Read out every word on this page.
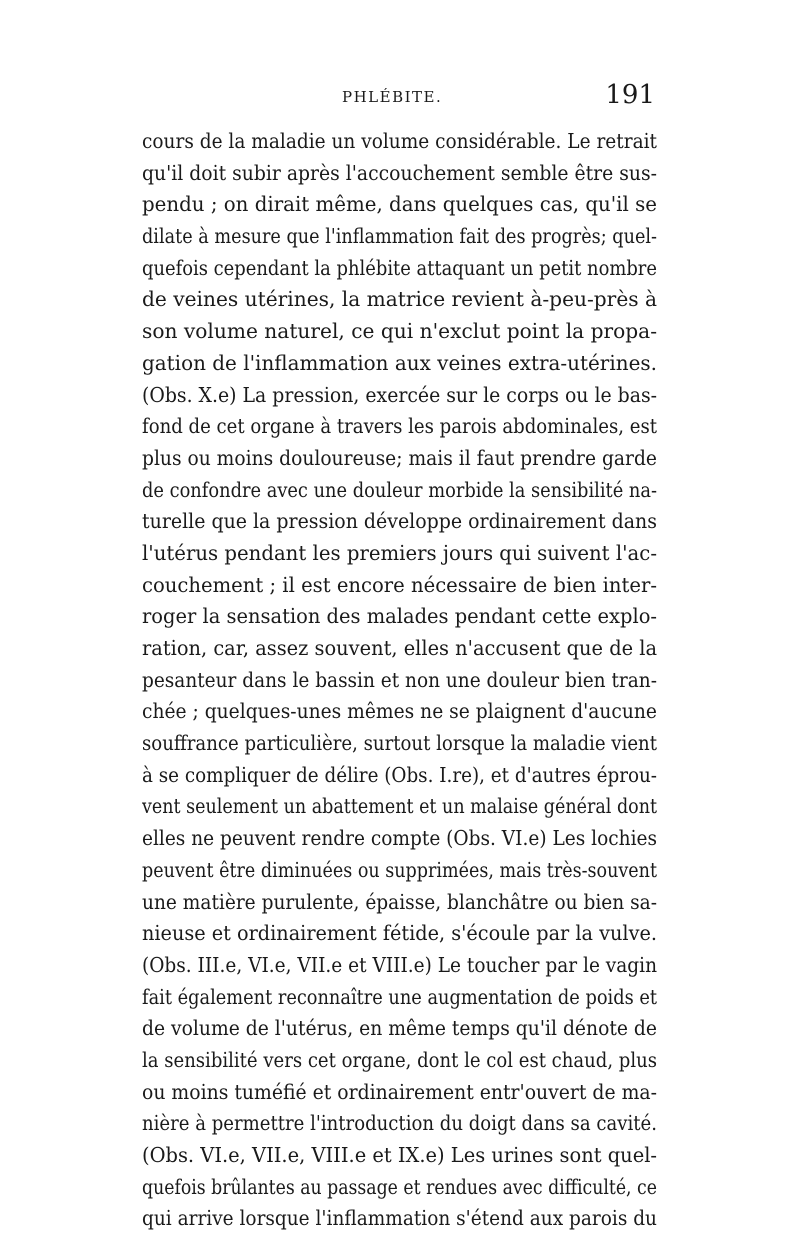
PHLÉBITE.	191
cours de la maladie un volume considérable. Le retrait
qu'il doit subir après l'accouchement semble être sus-
pendu ; on dirait même, dans quelques cas, qu'il se
dilate à mesure que l'inflammation fait des progrès; quel-
quefois cependant la phlébite attaquant un petit nombre
de veines utérines, la matrice revient à-peu-près à
son volume naturel, ce qui n'exclut point la propa-
gation de l'inflammation aux veines extra-utérines.
(Obs. X.e) La pression, exercée sur le corps ou le bas-
fond de cet organe à travers les parois abdominales, est
plus ou moins douloureuse; mais il faut prendre garde
de confondre avec une douleur morbide la sensibilité na-
turelle que la pression développe ordinairement dans
l'utérus pendant les premiers jours qui suivent l'ac-
couchement ; il est encore nécessaire de bien inter-
roger la sensation des malades pendant cette explo-
ration, car, assez souvent, elles n'accusent que de la
pesanteur dans le bassin et non une douleur bien tran-
chée ; quelques-unes mêmes ne se plaignent d'aucune
souffrance particulière, surtout lorsque la maladie vient
à se compliquer de délire (Obs. I.re), et d'autres éprou-
vent seulement un abattement et un malaise général dont
elles ne peuvent rendre compte (Obs. VI.e) Les lochies
peuvent être diminuées ou supprimées, mais très-souvent
une matière purulente, épaisse, blanchâtre ou bien sa-
nieuse et ordinairement fétide, s'écoule par la vulve.
(Obs. III.e, VI.e, VII.e et VIII.e) Le toucher par le vagin
fait également reconnaître une augmentation de poids et
de volume de l'utérus, en même temps qu'il dénote de
la sensibilité vers cet organe, dont le col est chaud, plus
ou moins tuméfié et ordinairement entr'ouvert de ma-
nière à permettre l'introduction du doigt dans sa cavité.
(Obs. VI.e, VII.e, VIII.e et IX.e) Les urines sont quel-
quefois brûlantes au passage et rendues avec difficulté, ce
qui arrive lorsque l'inflammation s'étend aux parois du
